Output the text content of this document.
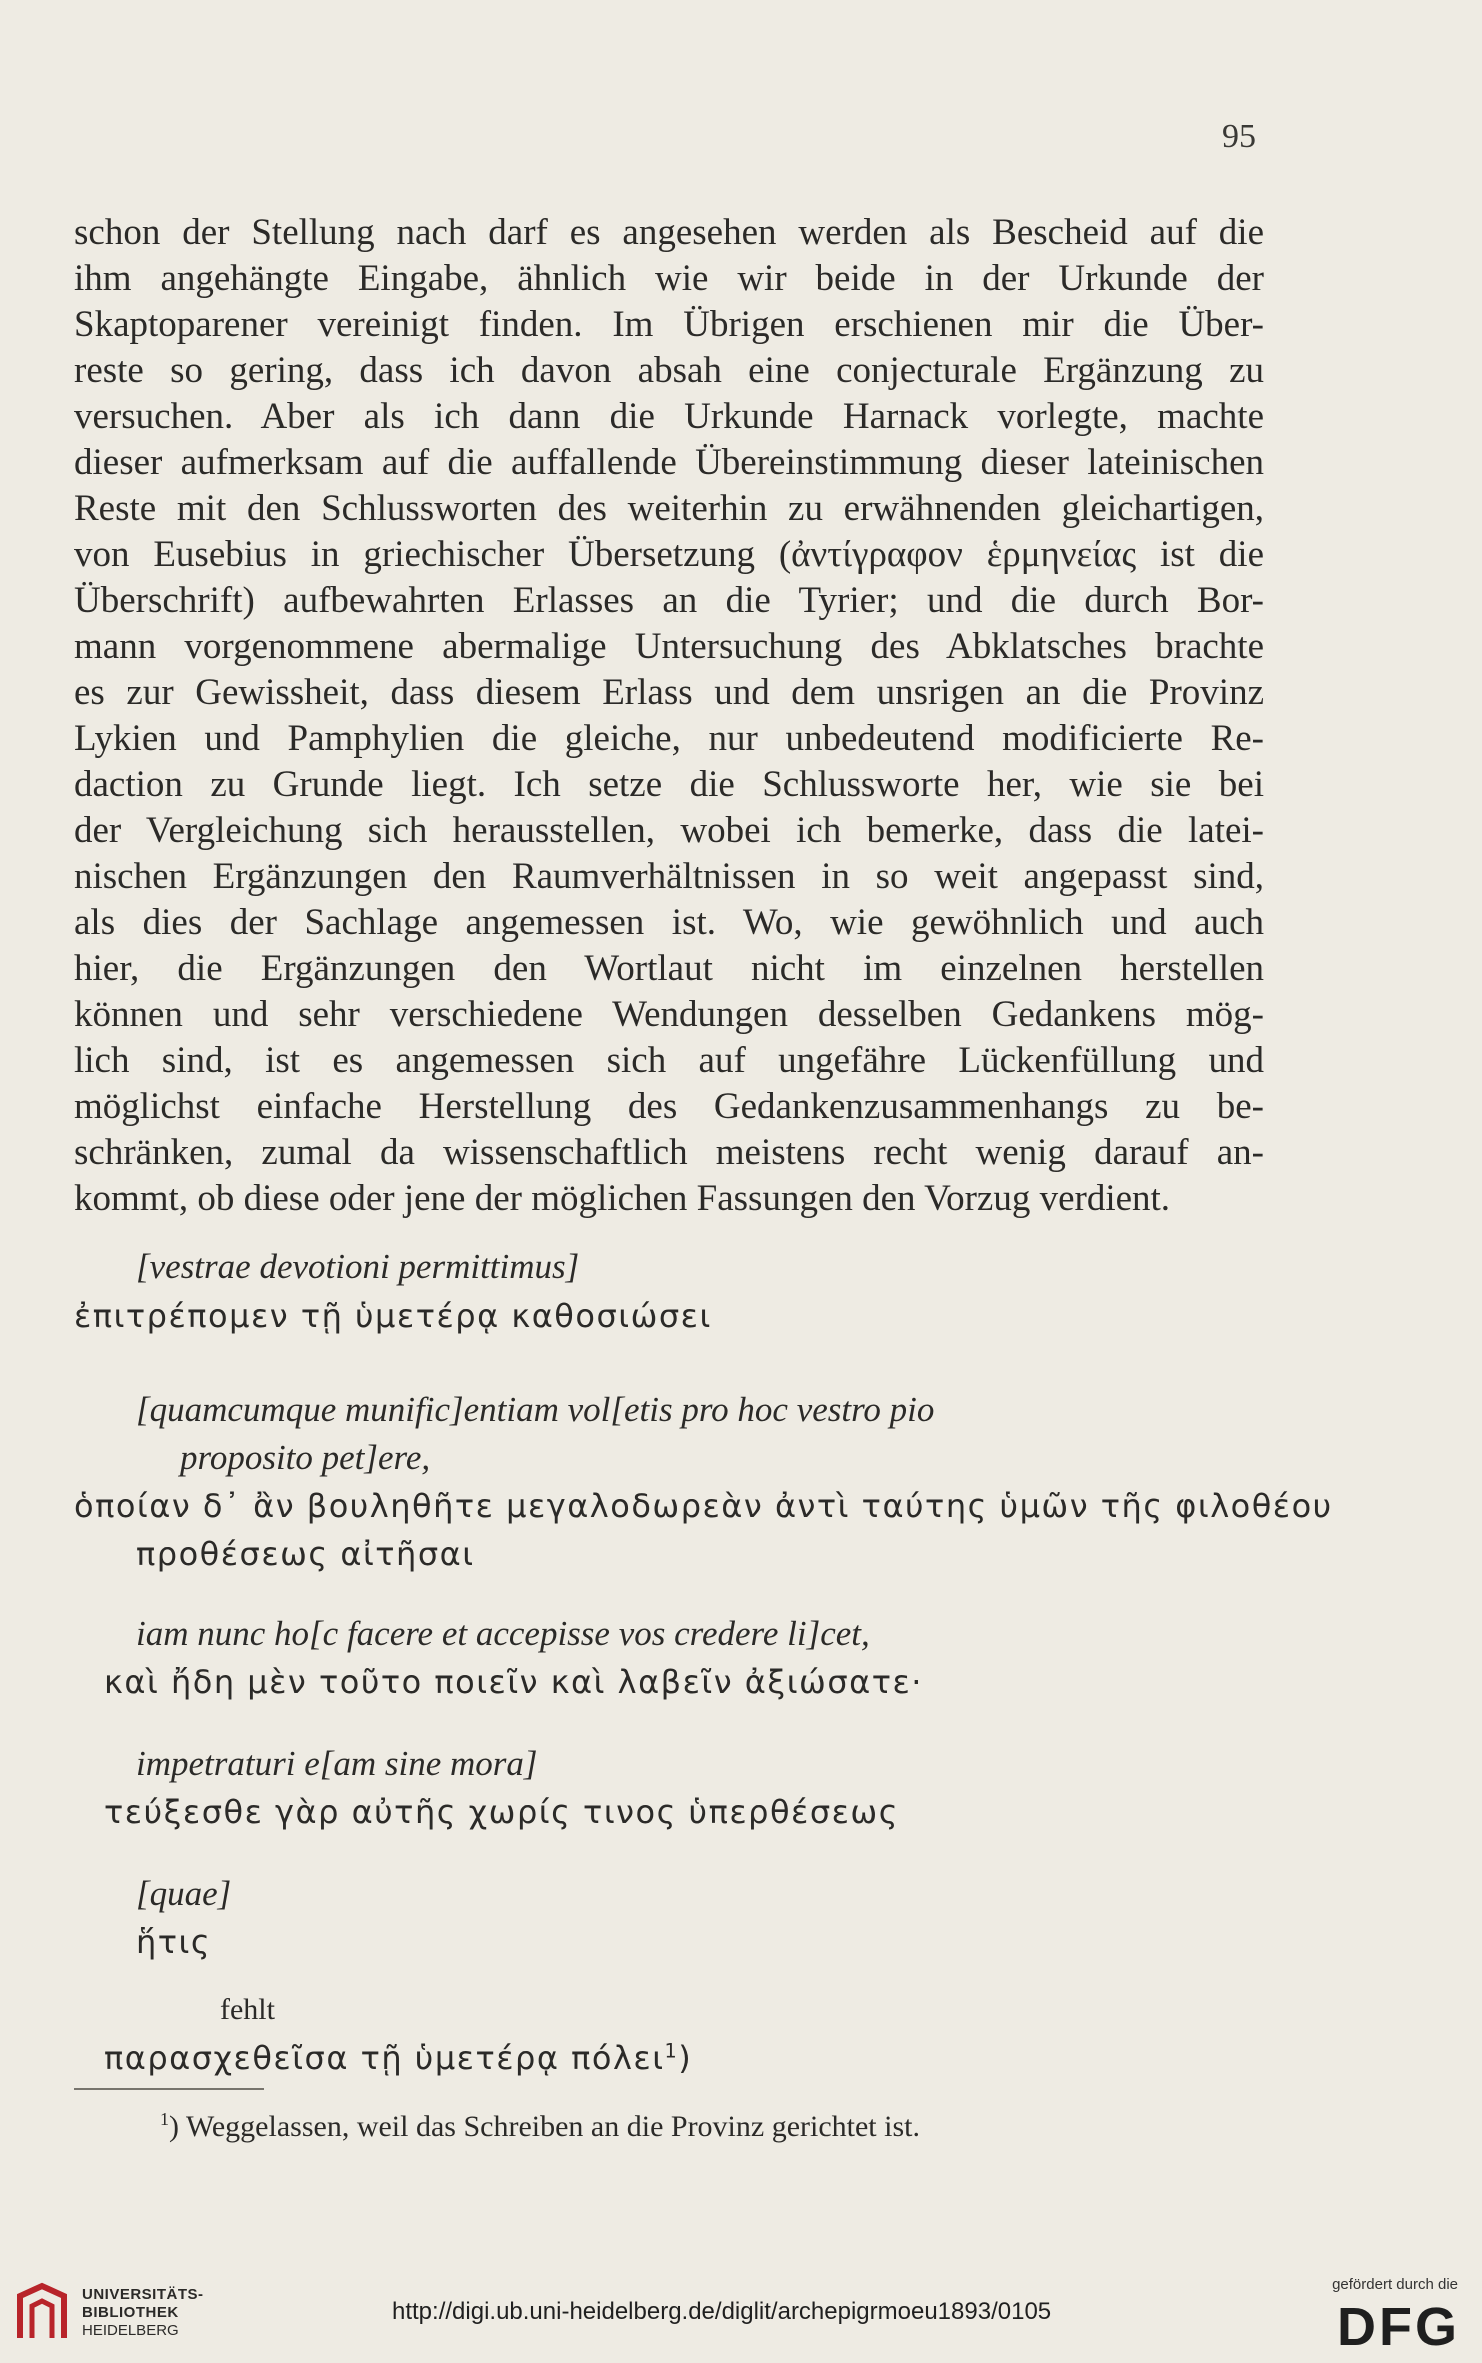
95
schon der Stellung nach darf es angesehen werden als Bescheid auf die
ihm angehängte Eingabe, ähnlich wie wir beide in der Urkunde der
Skaptoparener vereinigt finden. Im Übrigen erschienen mir die Über-
reste so gering, dass ich davon absah eine conjecturale Ergänzung zu
versuchen. Aber als ich dann die Urkunde Harnack vorlegte, machte
dieser aufmerksam auf die auffallende Übereinstimmung dieser lateinischen
Reste mit den Schlussworten des weiterhin zu erwähnenden gleichartigen,
von Eusebius in griechischer Übersetzung (ἀντίγραφον ἑρμηνείας ist die
Überschrift) aufbewahrten Erlasses an die Tyrier; und die durch Bor-
mann vorgenommene abermalige Untersuchung des Abklatsches brachte
es zur Gewissheit, dass diesem Erlass und dem unsrigen an die Provinz
Lykien und Pamphylien die gleiche, nur unbedeutend modificierte Re-
daction zu Grunde liegt. Ich setze die Schlussworte her, wie sie bei
der Vergleichung sich herausstellen, wobei ich bemerke, dass die latei-
nischen Ergänzungen den Raumverhältnissen in so weit angepasst sind,
als dies der Sachlage angemessen ist. Wo, wie gewöhnlich und auch
hier, die Ergänzungen den Wortlaut nicht im einzelnen herstellen
können und sehr verschiedene Wendungen desselben Gedankens mög-
lich sind, ist es angemessen sich auf ungefähre Lückenfüllung und
möglichst einfache Herstellung des Gedankenzusammenhangs zu be-
schränken, zumal da wissenschaftlich meistens recht wenig darauf an-
kommt, ob diese oder jene der möglichen Fassungen den Vorzug verdient.
[vestrae devotioni permittimus]
ἐπιτρέπομεν τῇ ὑμετέρᾳ καθοσιώσει
[quamcumque munific]entiam vol[etis pro hoc vestro pio
proposito pet]ere,
ὁποίαν δ᾽ ἂν βουληθῆτε μεγαλοδωρεὰν ἀντὶ ταύτης ὑμῶν τῆς φιλοθέου
προθέσεως αἰτῆσαι
iam nunc ho[c facere et accepisse vos credere li]cet,
καὶ ἤδη μὲν τοῦτο ποιεῖν καὶ λαβεῖν ἀξιώσατε·
impetraturi e[am sine mora]
τεύξεσθε γὰρ αὐτῆς χωρίς τινος ὑπερθέσεως
[quae]
ἥτις
fehlt
παρασχεθεῖσα τῇ ὑμετέρᾳ πόλει$^1$)
$^1$) Weggelassen, weil das Schreiben an die Provinz gerichtet ist.
UNIVERSITÄTS-
BIBLIOTHEK
HEIDELBERG
http://digi.ub.uni-heidelberg.de/diglit/archepigrmoeu1893/0105
gefördert durch die
DFG
